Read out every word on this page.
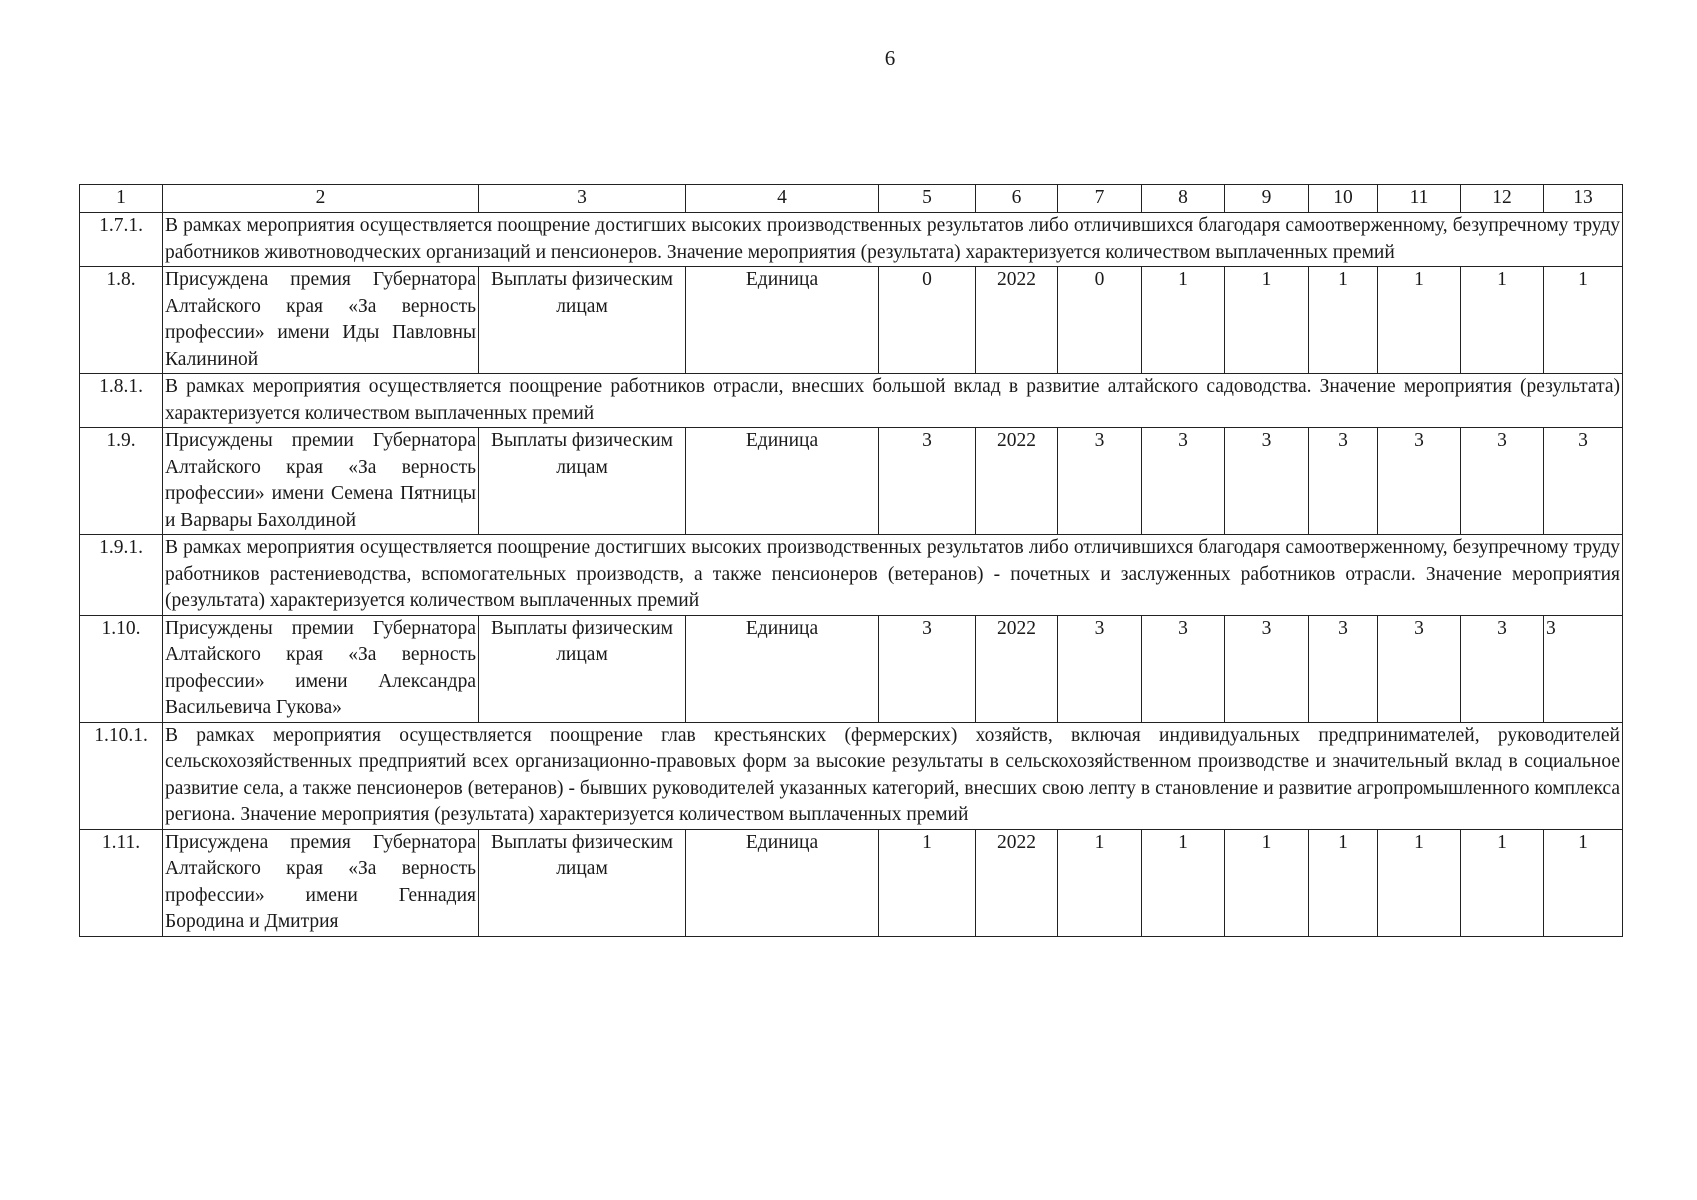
6
1	2	3	4	5	6	7	8	9	10	11	12	13
1.7.1.	В рамках мероприятия осуществляется поощрение достигших высоких производственных результатов либо отличившихся благодаря самоотверженному, безупречному труду работников животноводческих организаций и пенсионеров. Значение мероприятия (результата) характеризуется количеством выплаченных премий											
1.8.	Присуждена премия Губернатора Алтайского края «За верность профессии» имени Иды Павловны Калининой	Выплаты физическим лицам	Единица	0	2022	0	1	1	1	1	1	1
1.8.1.	В рамках мероприятия осуществляется поощрение работников отрасли, внесших большой вклад в развитие алтайского садоводства. Значение мероприятия (результата) характеризуется количеством выплаченных премий											
1.9.	Присуждены премии Губернатора Алтайского края «За верность профессии» имени Семена Пятницы и Варвары Бахолдиной	Выплаты физическим лицам	Единица	3	2022	3	3	3	3	3	3	3
1.9.1.	В рамках мероприятия осуществляется поощрение достигших высоких производственных результатов либо отличившихся благодаря самоотверженному, безупречному труду работников растениеводства, вспомогательных производств, а также пенсионеров (ветеранов) - почетных и заслуженных работников отрасли. Значение мероприятия (результата) характеризуется количеством выплаченных премий											
1.10.	Присуждены премии Губернатора Алтайского края «За верность профессии» имени Александра Васильевича Гукова»	Выплаты физическим лицам	Единица	3	2022	3	3	3	3	3	3	3
1.10.1.	В рамках мероприятия осуществляется поощрение глав крестьянских (фермерских) хозяйств, включая индивидуальных предпринимателей, руководителей сельскохозяйственных предприятий всех организационно-правовых форм за высокие результаты в сельскохозяйственном производстве и значительный вклад в социальное развитие села, а также пенсионеров (ветеранов) - бывших руководителей указанных категорий, внесших свою лепту в становление и развитие агропромышленного комплекса региона. Значение мероприятия (результата) характеризуется количеством выплаченных премий											
1.11.	Присуждена премия Губернатора Алтайского края «За верность профессии» имени Геннадия Бородина и Дмитрия	Выплаты физическим лицам	Единица	1	2022	1	1	1	1	1	1	1
